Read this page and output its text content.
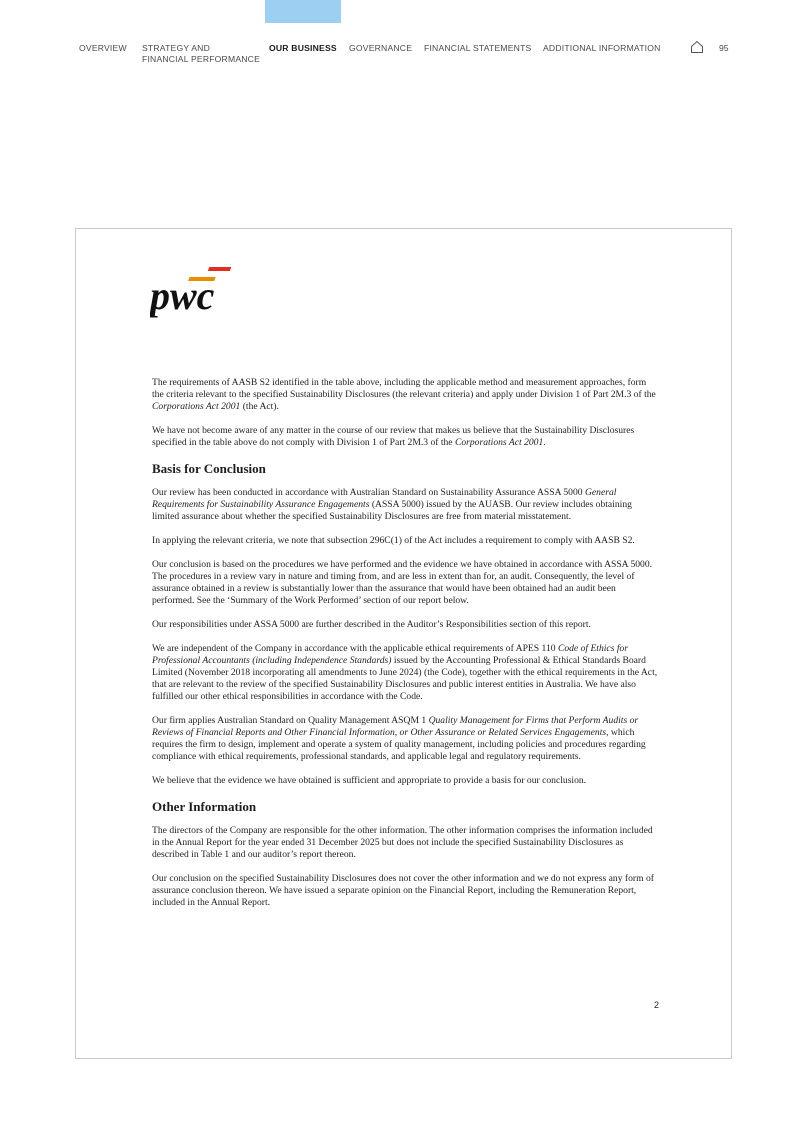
OVERVIEW STRATEGY AND
FINANCIAL PERFORMANCE
OUR BUSINESS GOVERNANCE FINANCIAL STATEMENTS ADDITIONAL INFORMATION	95
pwc

The requirements of AASB S2 identified in the table above, including the applicable method and measurement approaches, form the criteria relevant to the specified Sustainability Disclosures (the relevant criteria) and apply under Division 1 of Part 2M.3 of the Corporations Act 2001 (the Act).

We have not become aware of any matter in the course of our review that makes us believe that the Sustainability Disclosures specified in the table above do not comply with Division 1 of Part 2M.3 of the Corporations Act 2001.

Basis for Conclusion

Our review has been conducted in accordance with Australian Standard on Sustainability Assurance ASSA 5000 General Requirements for Sustainability Assurance Engagements (ASSA 5000) issued by the AUASB. Our review includes obtaining limited assurance about whether the specified Sustainability Disclosures are free from material misstatement.

In applying the relevant criteria, we note that subsection 296C(1) of the Act includes a requirement to comply with AASB S2.

Our conclusion is based on the procedures we have performed and the evidence we have obtained in accordance with ASSA 5000. The procedures in a review vary in nature and timing from, and are less in extent than for, an audit. Consequently, the level of assurance obtained in a review is substantially lower than the assurance that would have been obtained had an audit been performed. See the ‘Summary of the Work Performed’ section of our report below.

Our responsibilities under ASSA 5000 are further described in the Auditor’s Responsibilities section of this report.

We are independent of the Company in accordance with the applicable ethical requirements of APES 110 Code of Ethics for Professional Accountants (including Independence Standards) issued by the Accounting Professional & Ethical Standards Board Limited (November 2018 incorporating all amendments to June 2024) (the Code), together with the ethical requirements in the Act, that are relevant to the review of the specified Sustainability Disclosures and public interest entities in Australia. We have also fulfilled our other ethical responsibilities in accordance with the Code.

Our firm applies Australian Standard on Quality Management ASQM 1 Quality Management for Firms that Perform Audits or Reviews of Financial Reports and Other Financial Information, or Other Assurance or Related Services Engagements, which requires the firm to design, implement and operate a system of quality management, including policies and procedures regarding compliance with ethical requirements, professional standards, and applicable legal and regulatory requirements.

We believe that the evidence we have obtained is sufficient and appropriate to provide a basis for our conclusion.

Other Information

The directors of the Company are responsible for the other information. The other information comprises the information included in the Annual Report for the year ended 31 December 2025 but does not include the specified Sustainability Disclosures as described in Table 1 and our auditor’s report thereon.

Our conclusion on the specified Sustainability Disclosures does not cover the other information and we do not express any form of assurance conclusion thereon. We have issued a separate opinion on the Financial Report, including the Remuneration Report, included in the Annual Report.

2
